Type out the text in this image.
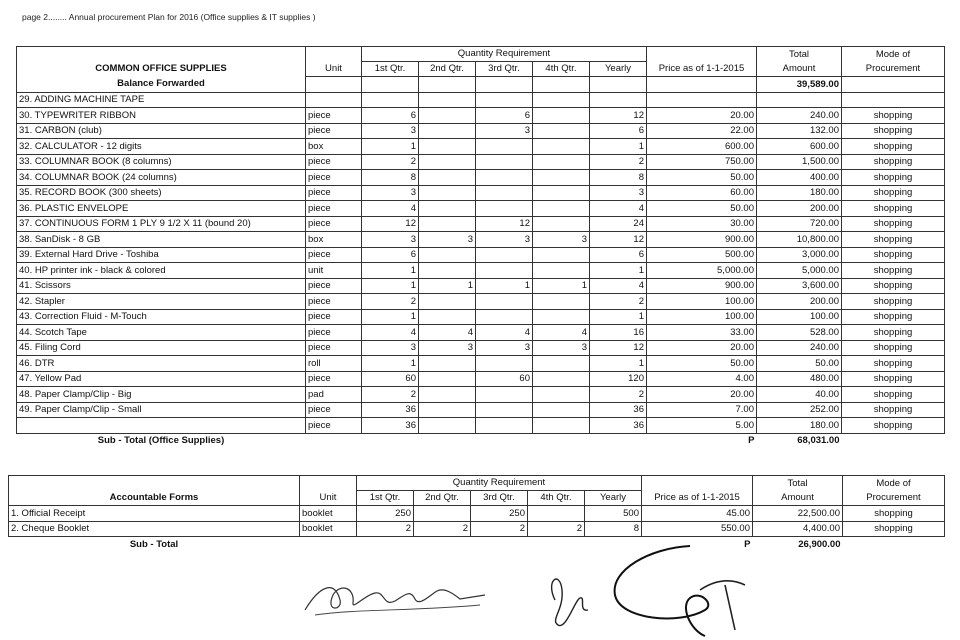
page 2........ Annual procurement Plan for 2016 (Office supplies & IT supplies )
		Quantity Requirement						Total	Mode of
COMMON OFFICE SUPPLIES	Unit	1st Qtr.	2nd Qtr.	3rd Qtr.	4th Qtr.	Yearly	Price as of 1-1-2015	Amount	Procurement
Balance Forwarded								39,589.00	
29. ADDING MACHINE TAPE									
30. TYPEWRITER RIBBON	piece	6		6		12	20.00	240.00	shopping
31. CARBON (club)	piece	3		3		6	22.00	132.00	shopping
32. CALCULATOR - 12 digits	box	1				1	600.00	600.00	shopping
33. COLUMNAR BOOK (8 columns)	piece	2				2	750.00	1,500.00	shopping
34. COLUMNAR BOOK (24 columns)	piece	8				8	50.00	400.00	shopping
35. RECORD BOOK (300 sheets)	piece	3				3	60.00	180.00	shopping
36. PLASTIC ENVELOPE	piece	4				4	50.00	200.00	shopping
37. CONTINUOUS FORM 1 PLY 9 1/2 X 11 (bound 20)	piece	12		12		24	30.00	720.00	shopping
38. SanDisk - 8 GB	box	3	3	3	3	12	900.00	10,800.00	shopping
39. External Hard Drive - Toshiba	piece	6				6	500.00	3,000.00	shopping
40. HP printer ink - black & colored	unit	1				1	5,000.00	5,000.00	shopping
41. Scissors	piece	1	1	1	1	4	900.00	3,600.00	shopping
42. Stapler	piece	2				2	100.00	200.00	shopping
43. Correction Fluid - M-Touch	piece	1				1	100.00	100.00	shopping
44. Scotch Tape	piece	4	4	4	4	16	33.00	528.00	shopping
45. Filing Cord	piece	3	3	3	3	12	20.00	240.00	shopping
46. DTR	roll	1				1	50.00	50.00	shopping
47. Yellow Pad	piece	60		60		120	4.00	480.00	shopping
48. Paper Clamp/Clip - Big	pad	2				2	20.00	40.00	shopping
49. Paper Clamp/Clip - Small	piece	36				36	7.00	252.00	shopping
	piece	36				36	5.00	180.00	shopping
Sub - Total (Office Supplies)							P	68,031.00	
		Quantity Requirement						Total	Mode of
Accountable Forms	Unit	1st Qtr.	2nd Qtr.	3rd Qtr.	4th Qtr.	Yearly	Price as of 1-1-2015	Amount	Procurement
1. Official Receipt	booklet	250		250		500	45.00	22,500.00	shopping
2. Cheque Booklet	booklet	2	2	2	2	8	550.00	4,400.00	shopping
Sub - Total							P	26,900.00	
